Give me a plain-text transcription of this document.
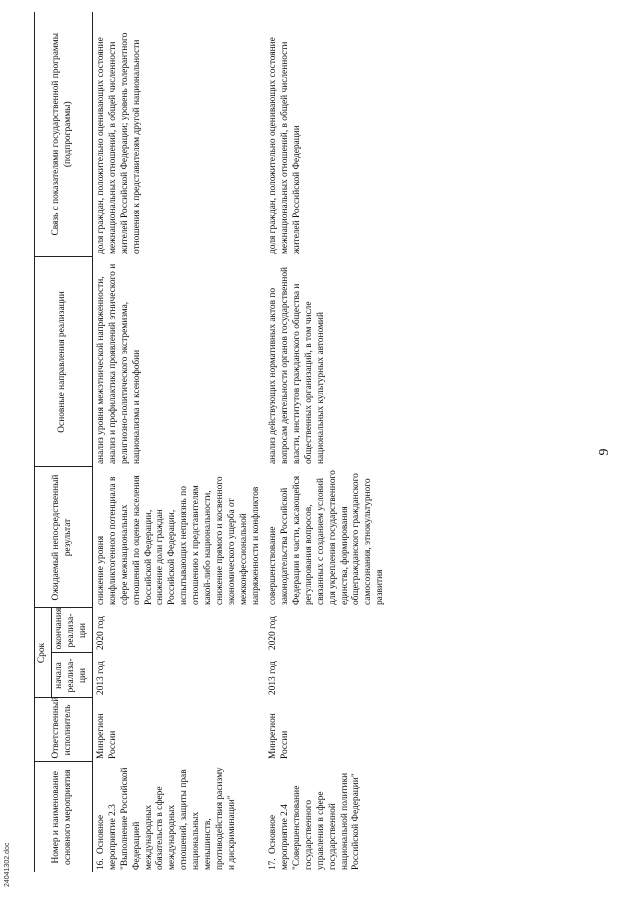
9
24041302.doc
Номер и наименование основного мероприятия	Ответственный исполнитель	Срок		Ожидаемый непосредственный результат	Основные направления реализации	Связь с показателями государственной программы (подпрограммы)
		начала реализа-ции	окончания реализа-ции			
16.Основное мероприятие 2.3 "Выполнение Российской Федерацией международных обязательств в сфере международных отношений, защиты прав национальных меньшинств, противодействия расизму и дискриминации"	Минрегион России	2013 год	2020 год	снижение уровня конфликтогенного потенциала в сфере межнациональных отношений по оценке населения Российской Федерации, снижение доли граждан Российской Федерации, испытывающих неприязнь по отношению к представителям какой-либо национальности, снижение прямого и косвенного экономического ущерба от межконфессиональной напряженности и конфликтов	анализ уровня межэтнической напряженности, анализ и профилактика проявлений этнического и религиозно-политического экстремизма, национализма и ксенофобии	доля граждан, положительно оценивающих состояние межнациональных отношений, в общей численности жителей Российской Федерации; уровень толерантного отношения к представителям другой национальности
17.Основное мероприятие 2.4 "Совершенствование государственного управления в сфере государственной национальной политики Российской Федерации"	Минрегион России	2013 год	2020 год	совершенствование законодательства Российской Федерации в части, касающейся регулирования вопросов, связанных с созданием условий для укрепления государственного единства, формирования общегражданского гражданского самосознания, этнокультурного развития	анализ действующих нормативных актов по вопросам деятельности органов государственной власти, институтов гражданского общества и общественных организаций, в том числе национальных культурных автономий	доля граждан, положительно оценивающих состояние межнациональных отношений, в общей численности жителей Российской Федерации
